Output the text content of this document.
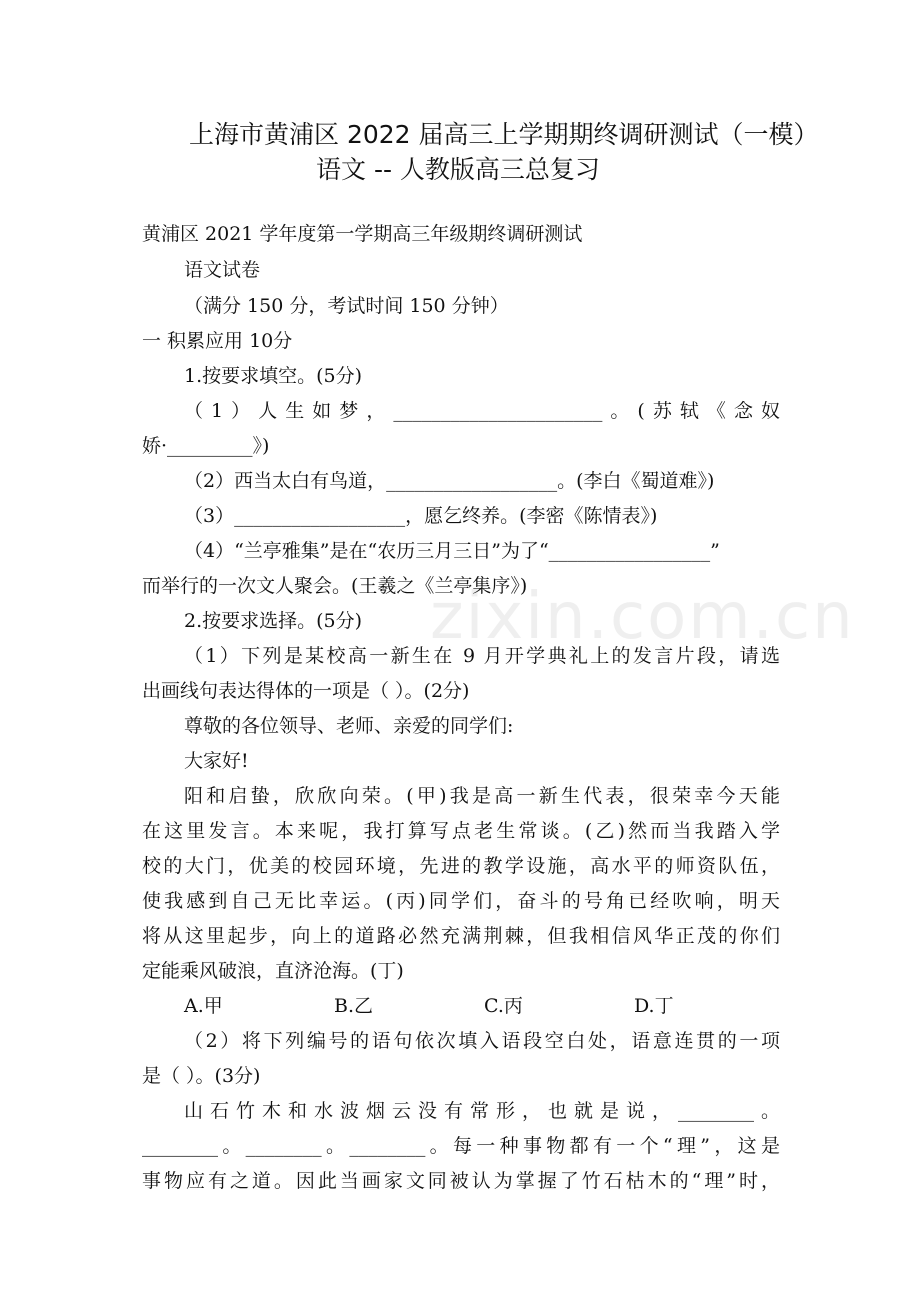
zixin.com.cn
上海市黄浦区 2022 届高三上学期期终调研测试（一模）
语文 -- 人教版高三总复习
黄浦区 2021 学年度第一学期高三年级期终调研测试
语文试卷
（满分 150 分，考试时间 150 分钟）
一 积累应用 10分
1.按要求填空。(5分)
（1）人生如梦，______________________。(苏轼《念奴
娇·_________》)
（2）西当太白有鸟道，__________________。(李白《蜀道难》)
（3）__________________，愿乞终养。(李密《陈情表》)
（4）“兰亭雅集”是在“农历三月三日”为了“_________________”
而举行的一次文人聚会。(王羲之《兰亭集序》)
2.按要求选择。(5分)
（1）下列是某校高一新生在 9 月开学典礼上的发言片段，请选
出画线句表达得体的一项是（ ）。(2分)
尊敬的各位领导、老师、亲爱的同学们:
大家好!
阳和启蛰，欣欣向荣。(甲)我是高一新生代表，很荣幸今天能
在这里发言。本来呢，我打算写点老生常谈。(乙)然而当我踏入学
校的大门，优美的校园环境，先进的教学设施，高水平的师资队伍，
使我感到自己无比幸运。(丙)同学们，奋斗的号角已经吹响，明天
将从这里起步，向上的道路必然充满荆棘，但我相信风华正茂的你们
定能乘风破浪，直济沧海。(丁)
A.甲	B.乙	C.丙	D.丁
（2）将下列编号的语句依次填入语段空白处，语意连贯的一项
是（ ）。(3分)
山石竹木和水波烟云没有常形，也就是说，________。
________。________。________。每一种事物都有一个“理”，这是
事物应有之道。因此当画家文同被认为掌握了竹石枯木的“理”时，
